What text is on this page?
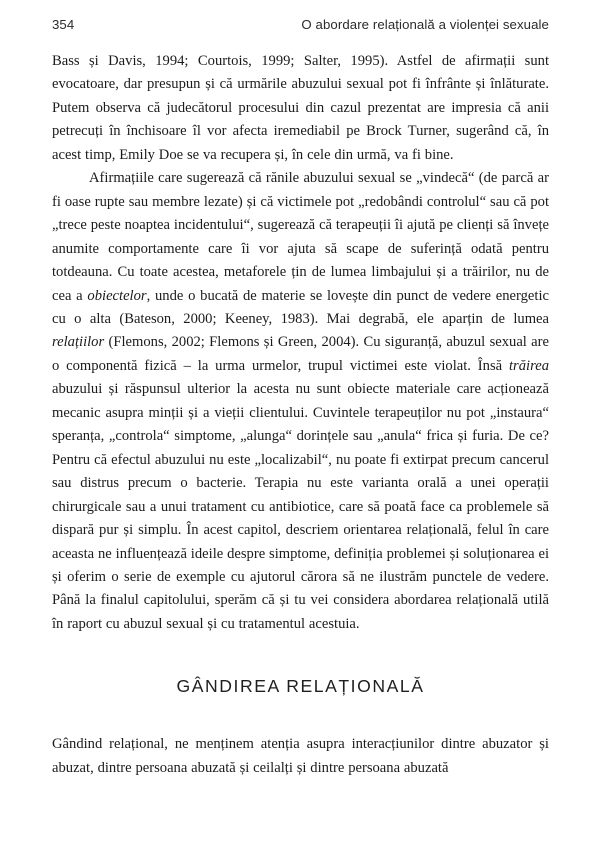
354	O abordare relațională a violenței sexuale

Bass și Davis, 1994; Courtois, 1999; Salter, 1995). Astfel de afirmații sunt evocatoare, dar presupun și că urmările abuzului sexual pot fi înfrânte și înlăturate. Putem observa că judecătorul procesului din cazul prezentat are impresia că anii petrecuți în închisoare îl vor afecta iremediabil pe Brock Turner, sugerând că, în acest timp, Emily Doe se va recupera și, în cele din urmă, va fi bine.

Afirmațiile care sugerează că rănile abuzului sexual se „vindecă“ (de parcă ar fi oase rupte sau membre lezate) și că victimele pot „redobândi controlul“ sau că pot „trece peste noaptea incidentului“, sugerează că terapeuții îi ajută pe clienți să învețe anumite comportamente care îi vor ajuta să scape de suferință odată pentru totdeauna. Cu toate acestea, metaforele țin de lumea limbajului și a trăirilor, nu de cea a obiectelor, unde o bucată de materie se lovește din punct de vedere energetic cu o alta (Bateson, 2000; Keeney, 1983). Mai degrabă, ele aparțin de lumea relațiilor (Flemons, 2002; Flemons și Green, 2004). Cu siguranță, abuzul sexual are o componentă fizică – la urma urmelor, trupul victimei este violat. Însă trăirea abuzului și răspunsul ulterior la acesta nu sunt obiecte materiale care acționează mecanic asupra minții și a vieții clientului. Cuvintele terapeuților nu pot „instaura“ speranța, „controla“ simptome, „alunga“ dorințele sau „anula“ frica și furia. De ce? Pentru că efectul abuzului nu este „localizabil“, nu poate fi extirpat precum cancerul sau distrus precum o bacterie. Terapia nu este varianta orală a unei operații chirurgicale sau a unui tratament cu antibiotice, care să poată face ca problemele să dispară pur și simplu. În acest capitol, descriem orientarea relațională, felul în care aceasta ne influențează ideile despre simptome, definiția problemei și soluționarea ei și oferim o serie de exemple cu ajutorul cărora să ne ilustrăm punctele de vedere. Până la finalul capitolului, sperăm că și tu vei considera abordarea relațională utilă în raport cu abuzul sexual și cu tratamentul acestuia.

GÂNDIREA RELAȚIONALĂ

Gândind relațional, ne menținem atenția asupra interacțiunilor dintre abuzator și abuzat, dintre persoana abuzată și ceilalți și dintre persoana abuzată
